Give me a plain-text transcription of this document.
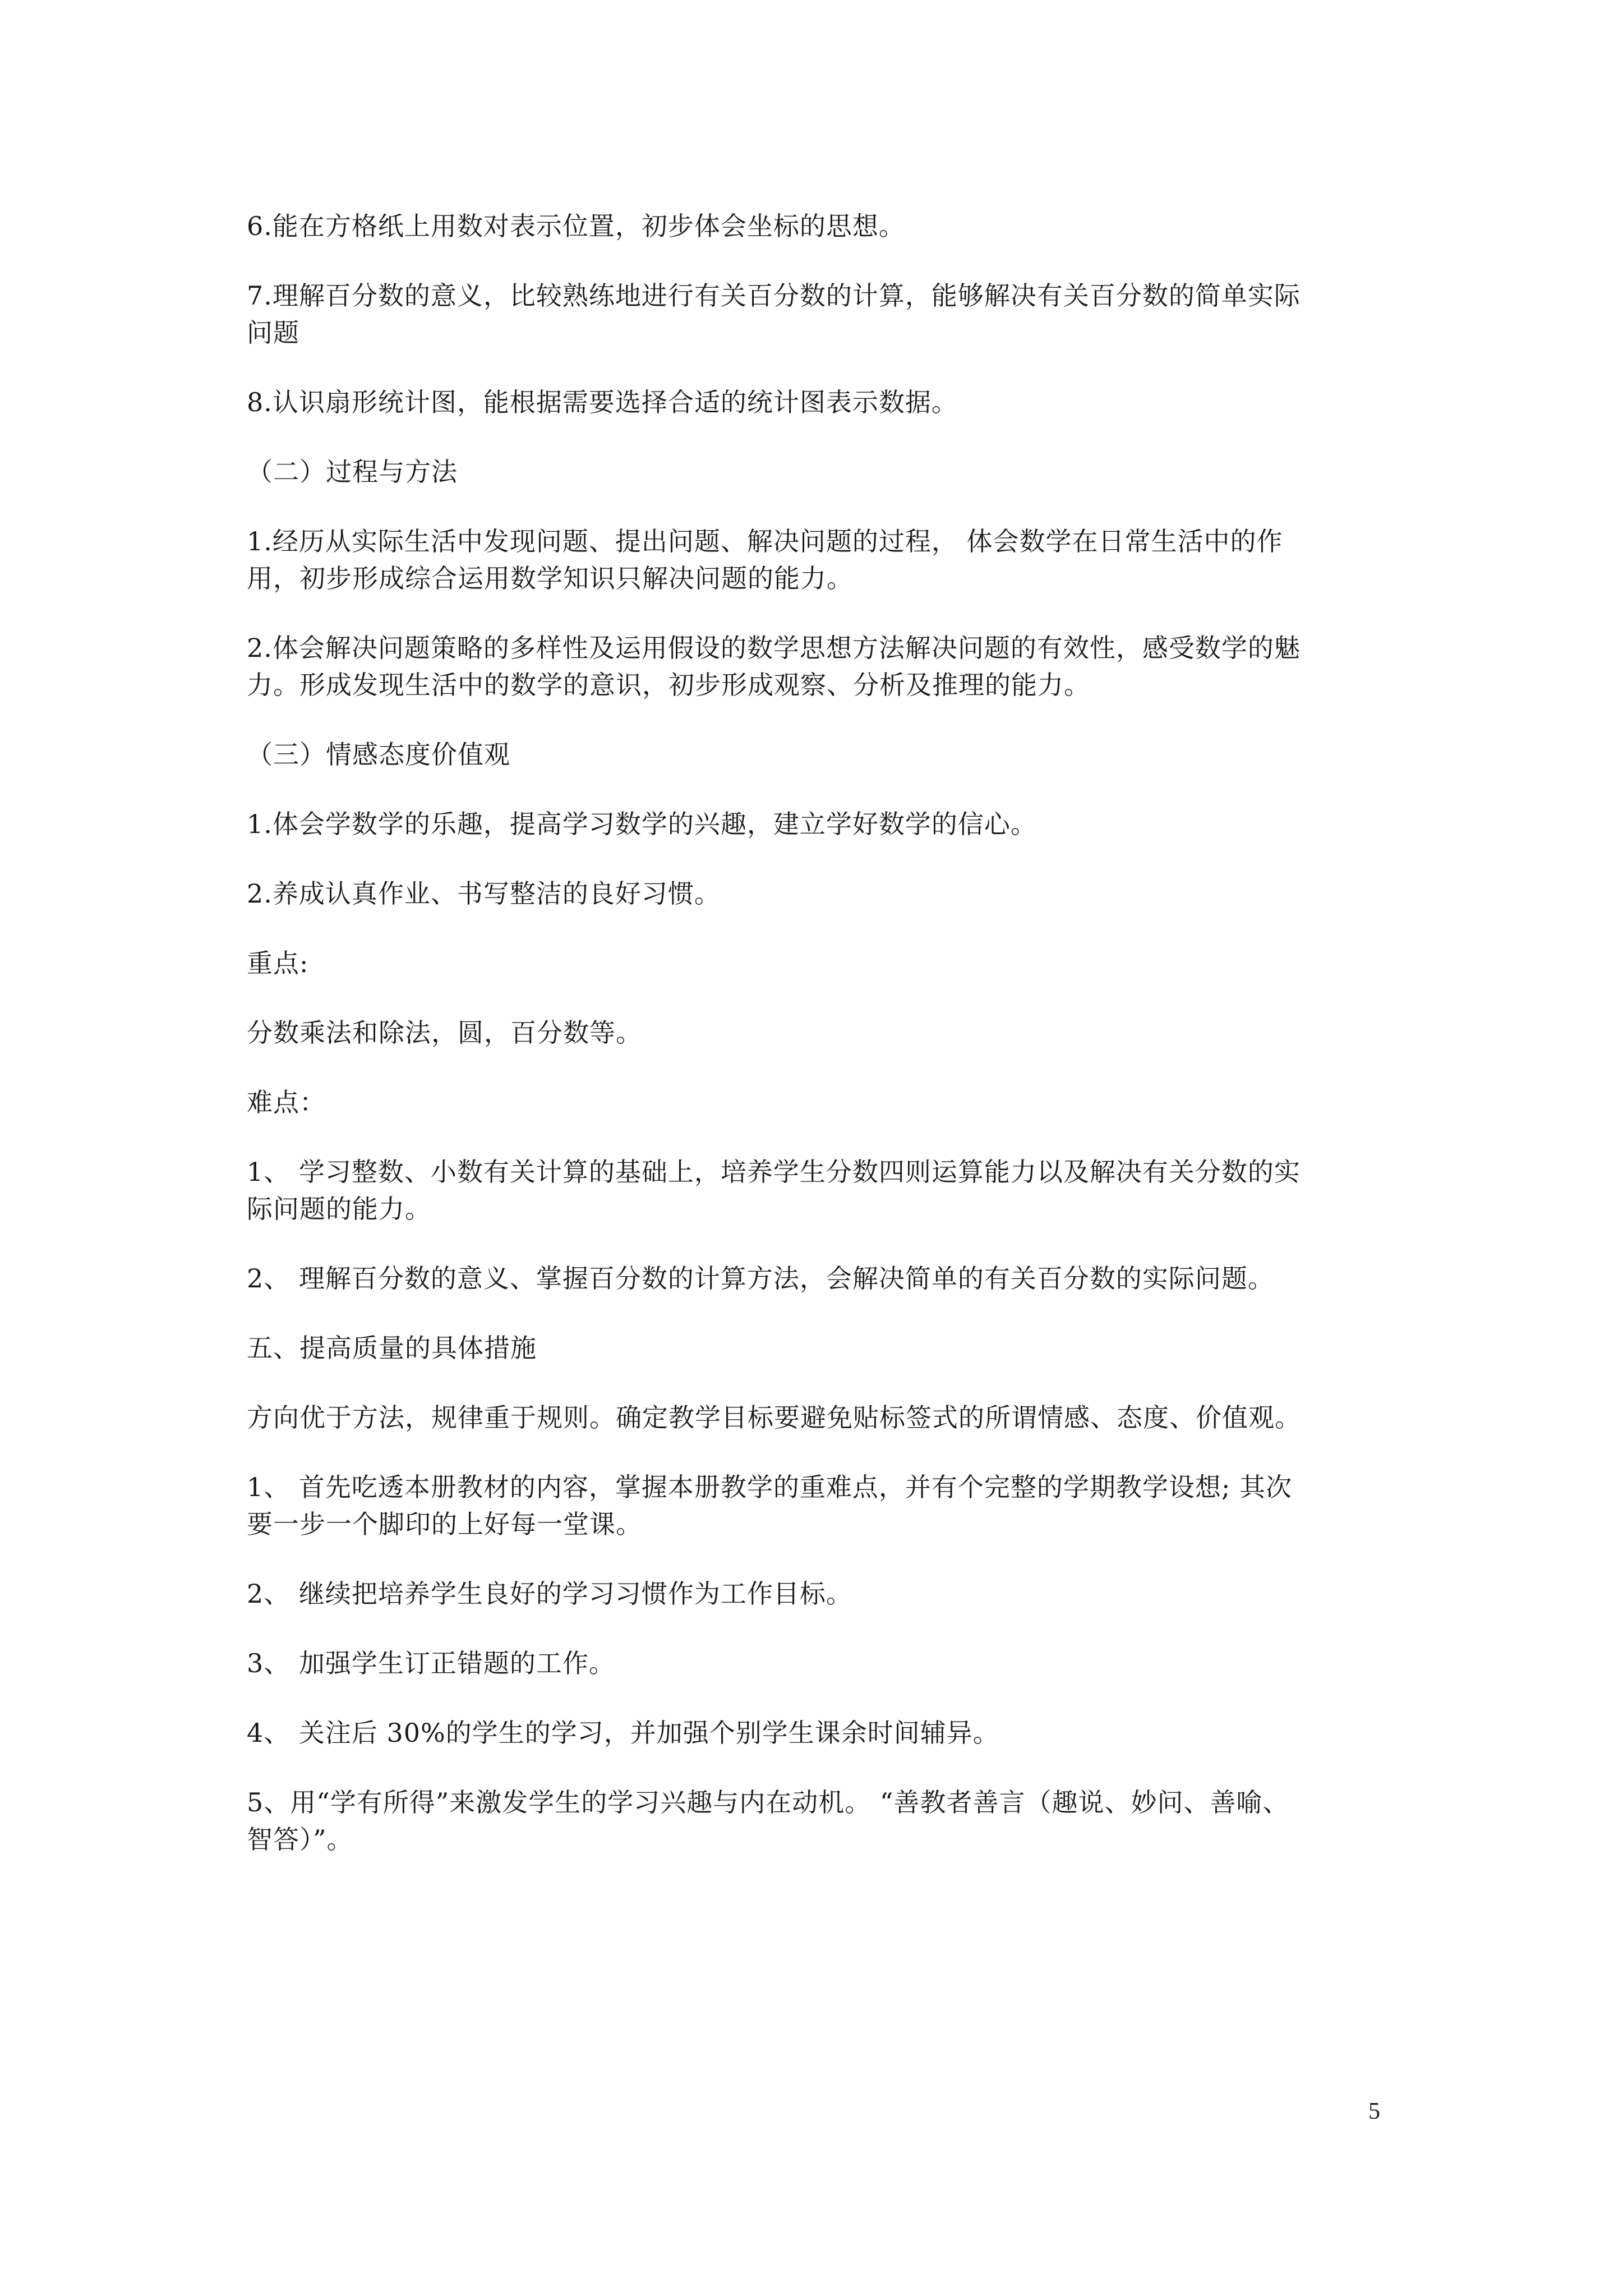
6.能在方格纸上用数对表示位置，初步体会坐标的思想。
7.理解百分数的意义，比较熟练地进行有关百分数的计算，能够解决有关百分数的简单实际
问题
8.认识扇形统计图，能根据需要选择合适的统计图表示数据。
（二）过程与方法
1.经历从实际生活中发现问题、提出问题、解决问题的过程， 体会数学在日常生活中的作
用，初步形成综合运用数学知识只解决问题的能力。
2.体会解决问题策略的多样性及运用假设的数学思想方法解决问题的有效性，感受数学的魅
力。形成发现生活中的数学的意识，初步形成观察、分析及推理的能力。
（三）情感态度价值观
1.体会学数学的乐趣，提高学习数学的兴趣，建立学好数学的信心。
2.养成认真作业、书写整洁的良好习惯。
重点:
分数乘法和除法，圆，百分数等。
难点：
1、 学习整数、小数有关计算的基础上，培养学生分数四则运算能力以及解决有关分数的实
际问题的能力。
2、 理解百分数的意义、掌握百分数的计算方法，会解决简单的有关百分数的实际问题。
五、提高质量的具体措施
方向优于方法，规律重于规则。确定教学目标要避免贴标签式的所谓情感、态度、价值观。
1、 首先吃透本册教材的内容，掌握本册教学的重难点，并有个完整的学期教学设想; 其次
要一步一个脚印的上好每一堂课。
2、 继续把培养学生良好的学习习惯作为工作目标。
3、 加强学生订正错题的工作。
4、 关注后 30%的学生的学习，并加强个别学生课余时间辅异。
5、用“学有所得”来激发学生的学习兴趣与内在动机。 “善教者善言（趣说、妙问、善喻、
智答）”。
5
